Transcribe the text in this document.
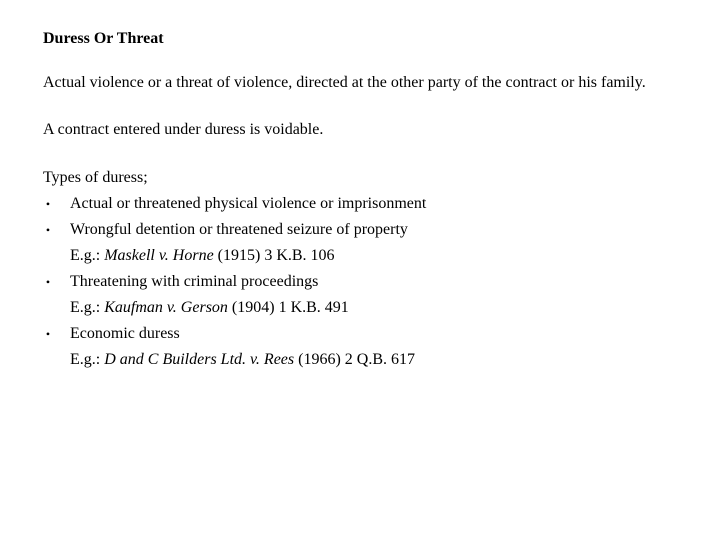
Duress Or Threat

Actual violence or a threat of violence, directed at the other party of the contract or his family.

A contract entered under duress is voidable.

Types of duress;

• Actual or threatened physical violence or imprisonment
• Wrongful detention or threatened seizure of property
E.g.: Maskell v. Horne (1915) 3 K.B. 106
• Threatening with criminal proceedings
E.g.: Kaufman v. Gerson (1904) 1 K.B. 491
• Economic duress
E.g.: D and C Builders Ltd. v. Rees (1966) 2 Q.B. 617
